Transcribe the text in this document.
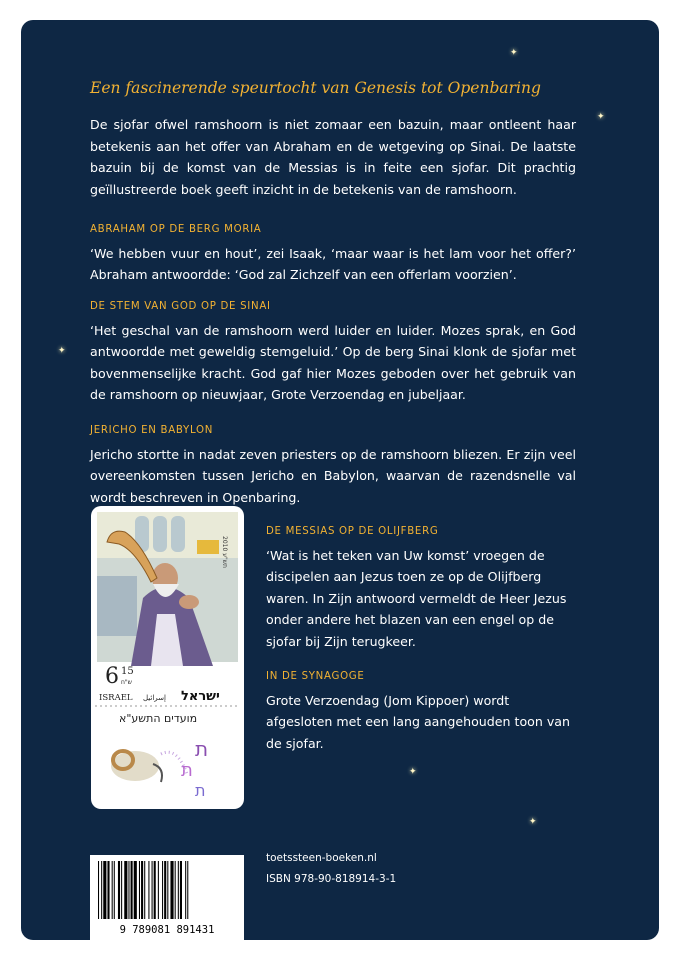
✦
✦
✦
✦
✦

Een fascinerende speurtocht van Genesis tot Openbaring

De sjofar ofwel ramshoorn is niet zomaar een bazuin, maar ontleent haar betekenis aan het offer van Abraham en de wetgeving op Sinai. De laatste bazuin bij de komst van de Messias is in feite een sjofar. Dit prachtig geïllustreerde boek geeft inzicht in de betekenis van de ramshoorn.
ABRAHAM OP DE BERG MORIA

‘We hebben vuur en hout’, zei Isaak, ‘maar waar is het lam voor het offer?’ Abraham antwoordde: ‘God zal Zichzelf van een offerlam voorzien’.

DE STEM VAN GOD OP DE SINAI

‘Het geschal van de ramshoorn werd luider en luider. Mozes sprak, en God antwoordde met geweldig stemgeluid.’ Op de berg Sinai klonk de sjofar met bovenmenselijke kracht. God gaf hier Mozes geboden over het gebruik van de ramshoorn op nieuwjaar, Grote Verzoendag en jubeljaar.

JERICHO EN BABYLON

Jericho stortte in nadat zeven priesters op de ramshoorn bliezen. Er zijn veel overeenkomsten tussen Jericho en Babylon, waarvan de razendsnelle val wordt beschreven in Openbaring.

DE MESSIAS OP DE OLIJFBERG

‘Wat is het teken van Uw komst’ vroegen de discipelen aan Jezus toen ze op de Olijfberg waren. In Zijn antwoord vermeldt de Heer Jezus onder andere het blazen van een engel op de sjofar bij Zijn terugkeer.

IN DE SYNAGOGE

Grote Verzoendag (Jom Kippoer) wordt afgesloten met een lang aangehouden toon van de sjofar.

2010 תש"ע
6 15
ש"ח
ISRAEL إسرائيل ישראל
מועדים התשע"א
ת
ת
ת
toetssteen-boeken.nl
ISBN 978-90-818914-3-1
9 789081 891431
